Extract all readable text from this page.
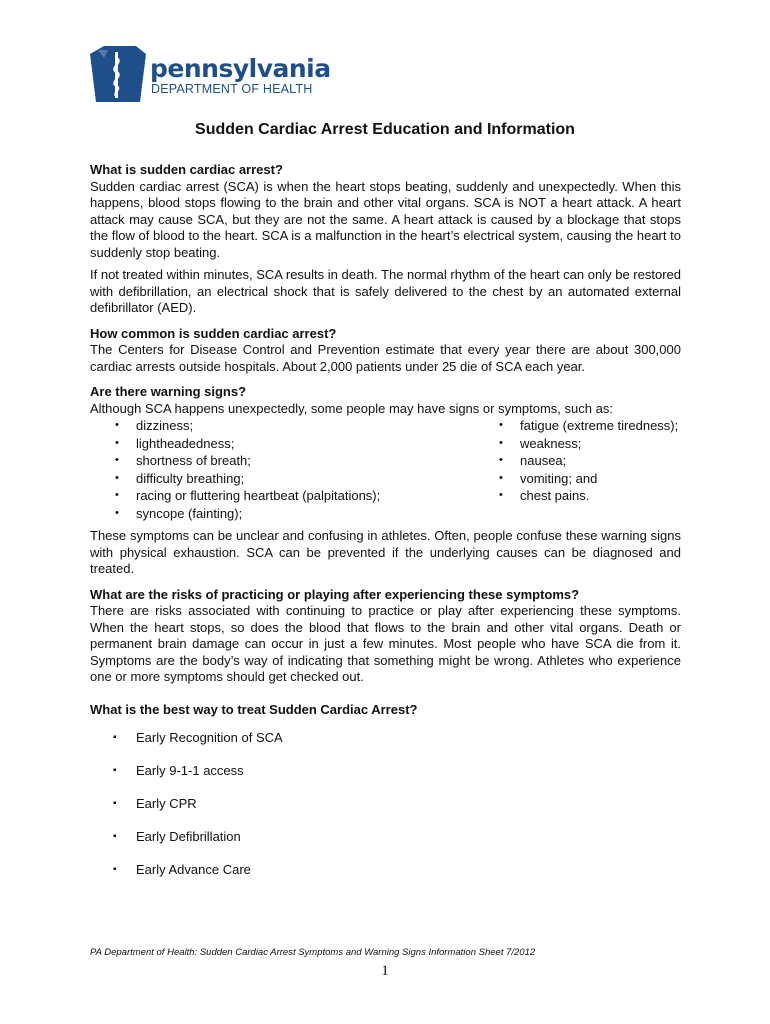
pennsylvania
DEPARTMENT OF HEALTH
Sudden Cardiac Arrest Education and Information

What is sudden cardiac arrest?

Sudden cardiac arrest (SCA) is when the heart stops beating, suddenly and unexpectedly. When this happens, blood stops flowing to the brain and other vital organs. SCA is NOT a heart attack. A heart attack may cause SCA, but they are not the same. A heart attack is caused by a blockage that stops the flow of blood to the heart. SCA is a malfunction in the heart’s electrical system, causing the heart to suddenly stop beating.

If not treated within minutes, SCA results in death. The normal rhythm of the heart can only be restored with defibrillation, an electrical shock that is safely delivered to the chest by an automated external defibrillator (AED).

How common is sudden cardiac arrest?

The Centers for Disease Control and Prevention estimate that every year there are about 300,000 cardiac arrests outside hospitals. About 2,000 patients under 25 die of SCA each year.

Are there warning signs?

Although SCA happens unexpectedly, some people may have signs or symptoms, such as:

• dizziness;
• lightheadedness;
• shortness of breath;
• difficulty breathing;
• racing or fluttering heartbeat (palpitations);
• syncope (fainting);
• fatigue (extreme tiredness);
• weakness;
• nausea;
• vomiting; and
• chest pains.

These symptoms can be unclear and confusing in athletes. Often, people confuse these warning signs with physical exhaustion. SCA can be prevented if the underlying causes can be diagnosed and treated.

What are the risks of practicing or playing after experiencing these symptoms?

There are risks associated with continuing to practice or play after experiencing these symptoms. When the heart stops, so does the blood that flows to the brain and other vital organs. Death or permanent brain damage can occur in just a few minutes. Most people who have SCA die from it. Symptoms are the body’s way of indicating that something might be wrong. Athletes who experience one or more symptoms should get checked out.

What is the best way to treat Sudden Cardiac Arrest?

▪ Early Recognition of SCA
▪ Early 9-1-1 access
▪ Early CPR
▪ Early Defibrillation
▪ Early Advance Care
PA Department of Health: Sudden Cardiac Arrest Symptoms and Warning Signs Information Sheet 7/2012
1
